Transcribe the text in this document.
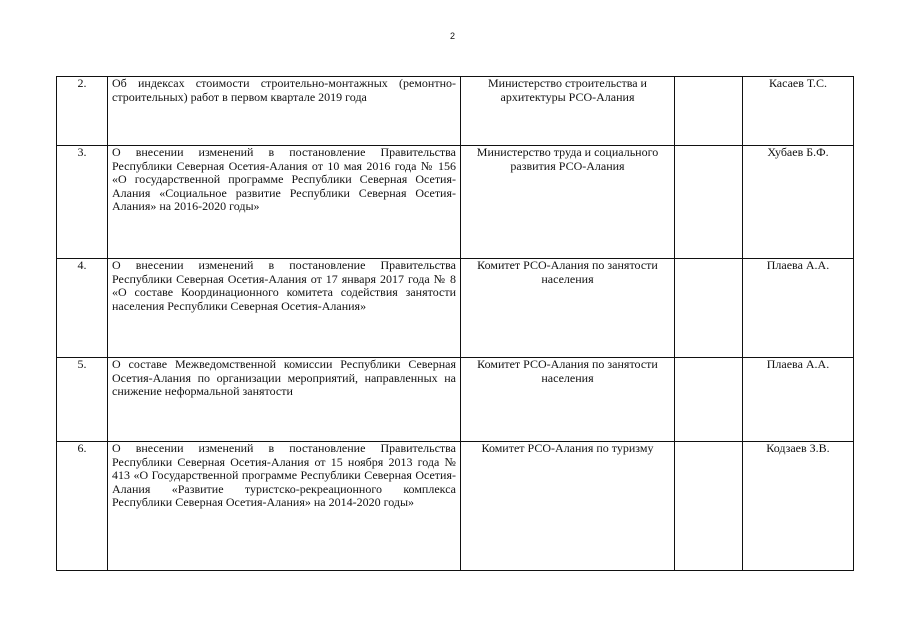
2
2.	Об индексах стоимости строительно-монтажных (ремонтно-строительных) работ в первом квартале 2019 года	Министерство строительства и архитектуры РСО-Алания		Касаев Т.С.
3.	О внесении изменений в постановление Правительства Республики Северная Осетия-Алания от 10 мая 2016 года № 156 «О государственной программе Республики Северная Осетия-Алания «Социальное развитие Республики Северная Осетия-Алания» на 2016-2020 годы»	Министерство труда и социального развития РСО-Алания		Хубаев Б.Ф.
4.	О внесении изменений в постановление Правительства Республики Северная Осетия-Алания от 17 января 2017 года № 8 «О составе Координационного комитета содействия занятости населения Республики Северная Осетия-Алания»	Комитет РСО-Алания по занятости населения		Плаева А.А.
5.	О составе Межведомственной комиссии Республики Северная Осетия-Алания по организации мероприятий, направленных на снижение неформальной занятости	Комитет РСО-Алания по занятости населения		Плаева А.А.
6.	О внесении изменений в постановление Правительства Республики Северная Осетия-Алания от 15 ноября 2013 года № 413 «О Государственной программе Республики Северная Осетия-Алания «Развитие туристско-рекреационного комплекса Республики Северная Осетия-Алания» на 2014-2020 годы»	Комитет РСО-Алания по туризму		Кодзаев З.В.
